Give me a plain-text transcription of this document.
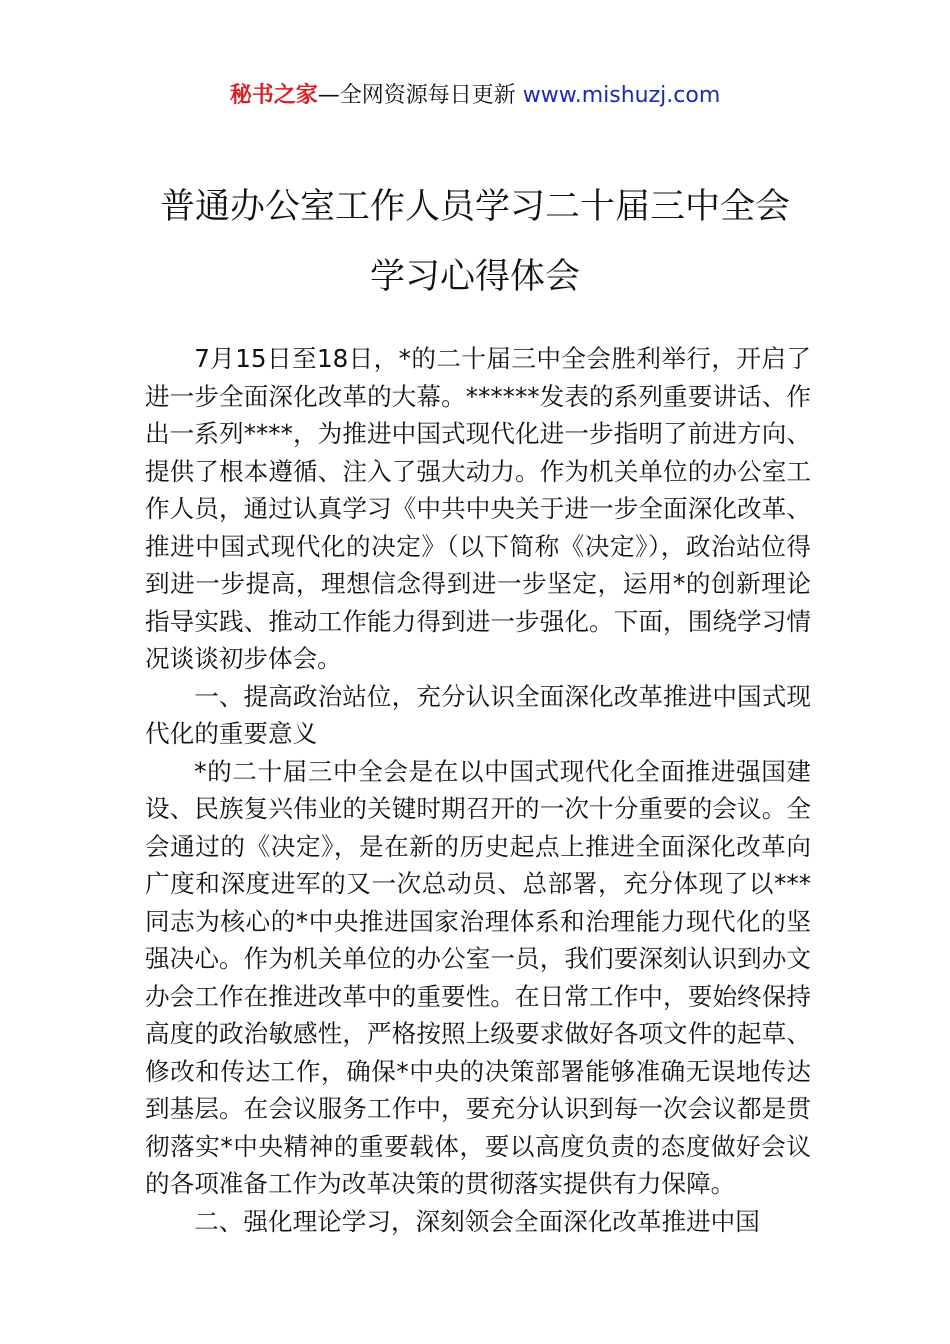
秘书之家—全网资源每日更新 www.mishuzj.com
普通办公室工作人员学习二十届三中全会
学习心得体会

7月15日至18日，*的二十届三中全会胜利举行，开启了进一步全面深化改革的大幕。******发表的系列重要讲话、作出一系列****，为推进中国式现代化进一步指明了前进方向、提供了根本遵循、注入了强大动力。作为机关单位的办公室工作人员，通过认真学习《中共中央关于进一步全面深化改革、推进中国式现代化的决定》（以下简称《决定》），政治站位得到进一步提高，理想信念得到进一步坚定，运用*的创新理论指导实践、推动工作能力得到进一步强化。下面，围绕学习情况谈谈初步体会。

一、提高政治站位，充分认识全面深化改革推进中国式现代化的重要意义

*的二十届三中全会是在以中国式现代化全面推进强国建设、民族复兴伟业的关键时期召开的一次十分重要的会议。全会通过的《决定》，是在新的历史起点上推进全面深化改革向广度和深度进军的又一次总动员、总部署，充分体现了以***同志为核心的*中央推进国家治理体系和治理能力现代化的坚强决心。作为机关单位的办公室一员，我们要深刻认识到办文办会工作在推进改革中的重要性。在日常工作中，要始终保持高度的政治敏感性，严格按照上级要求做好各项文件的起草、修改和传达工作，确保*中央的决策部署能够准确无误地传达到基层。在会议服务工作中，要充分认识到每一次会议都是贯彻落实*中央精神的重要载体，要以高度负责的态度做好会议的各项准备工作为改革决策的贯彻落实提供有力保障。

二、强化理论学习，深刻领会全面深化改革推进中国
